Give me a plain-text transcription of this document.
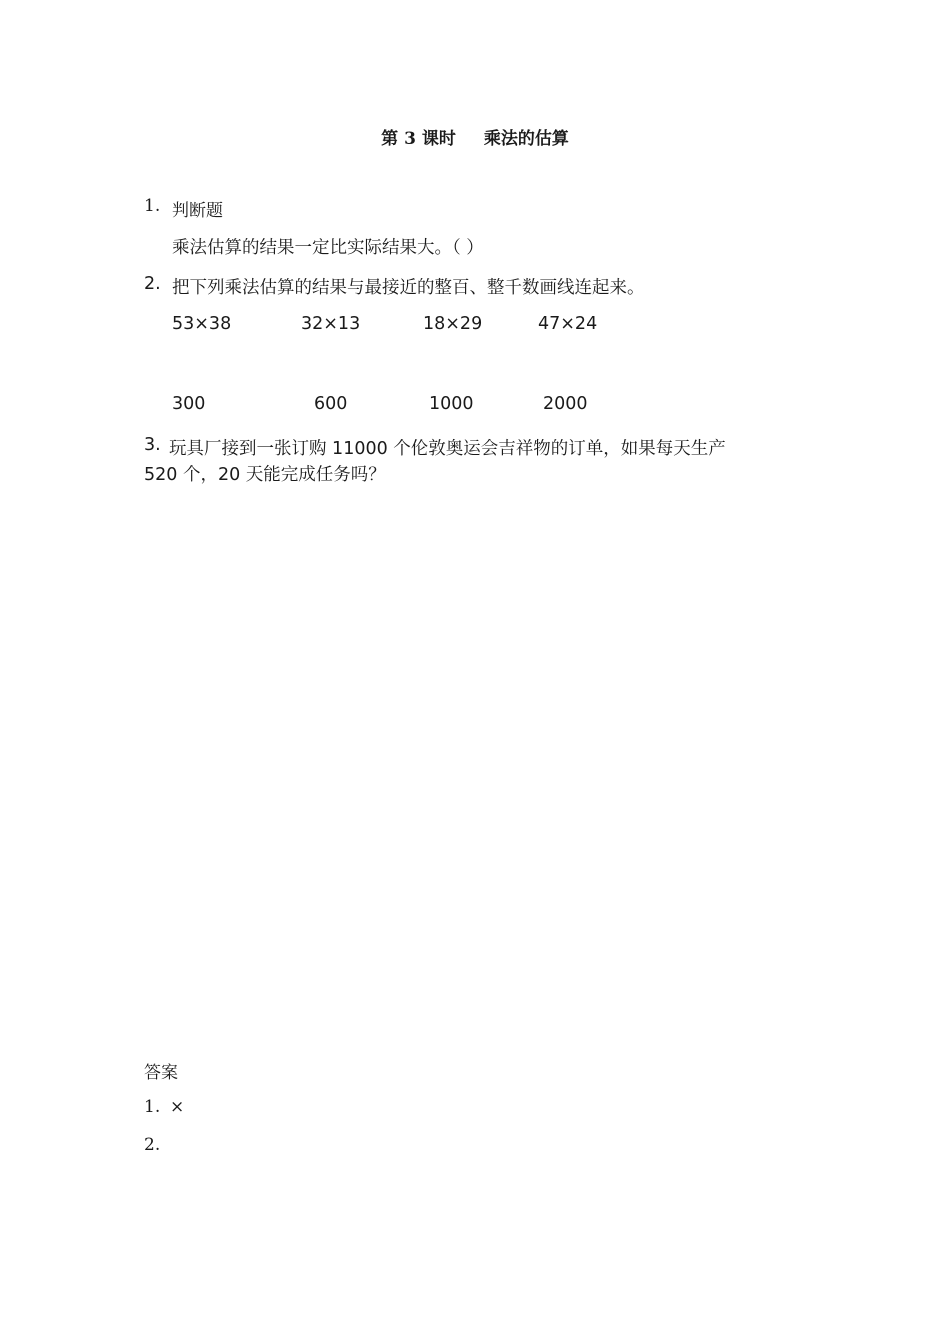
第 3 课时 乘法的估算
1. 判断题
乘法估算的结果一定比实际结果大。（ ）
2. 把下列乘法估算的结果与最接近的整百、整千数画线连起来。
53×38	32×13	18×29	47×24
300	600	1000	2000
3. 玩具厂接到一张订购 11000 个伦敦奥运会吉祥物的订单，如果每天生产
520 个，20 天能完成任务吗？
答案
1. ×
2.
